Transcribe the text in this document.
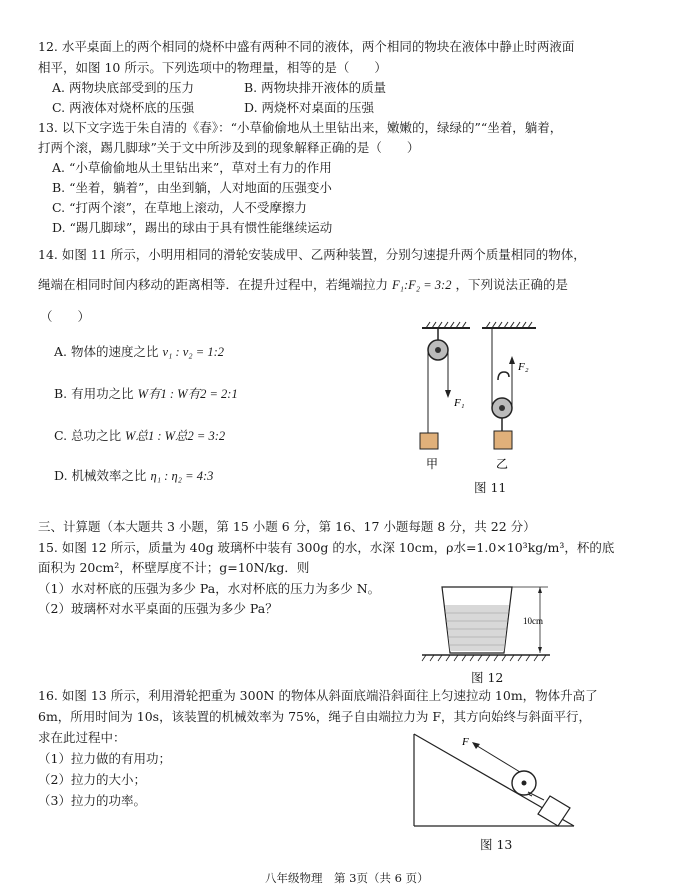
12. 水平桌面上的两个相同的烧杯中盛有两种不同的液体，两个相同的物块在液体中静止时两液面
相平，如图 10 所示。下列选项中的物理量，相等的是（　　）
A. 两物块底部受到的压力	B. 两物块排开液体的质量
C. 两液体对烧杯底的压强	D. 两烧杯对桌面的压强
13. 以下文字选于朱自清的《春》：“小草偷偷地从土里钻出来，嫩嫩的，绿绿的”“坐着，躺着，
打两个滚，踢几脚球”关于文中所涉及到的现象解释正确的是（　　）
A. “小草偷偷地从土里钻出来”，草对土有力的作用
B. “坐着，躺着”，由坐到躺，人对地面的压强变小
C. “打两个滚”，在草地上滚动，人不受摩擦力
D. “踢几脚球”，踢出的球由于具有惯性能继续运动
14. 如图 11 所示，小明用相同的滑轮安装成甲、乙两种装置，分别匀速提升两个质量相同的物体，
绳端在相同时间内移动的距离相等．在提升过程中，若绳端拉力 F₁:F₂ = 3:2 ，下列说法正确的是
（　　）
A. 物体的速度之比 v₁ : v₂ = 1:2
B. 有用功之比 W有1 : W有2 = 2:1
C. 总功之比 W总1 : W总2 = 3:2
D. 机械效率之比 η₁ : η₂ = 4:3
F₁
F₂
甲	乙
图 11
三、计算题（本大题共 3 小题，第 15 小题 6 分，第 16、17 小题每题 8 分，共 22 分）
15. 如图 12 所示，质量为 40g 玻璃杯中装有 300g 的水，水深 10cm，ρ水=1.0×10³kg/m³，杯的底
面积为 20cm²，杯壁厚度不计；g=10N/kg．则
（1）水对杯底的压强为多少 Pa，水对杯底的压力为多少 N。
（2）玻璃杯对水平桌面的压强为多少 Pa？
10cm
图 12
16. 如图 13 所示，利用滑轮把重为 300N 的物体从斜面底端沿斜面往上匀速拉动 10m，物体升高了
6m，所用时间为 10s，该装置的机械效率为 75%，绳子自由端拉力为 F，其方向始终与斜面平行，
求在此过程中：
（1）拉力做的有用功；
（2）拉力的大小；
（3）拉力的功率。
F
图 13
八年级物理　第 3页（共 6 页）
